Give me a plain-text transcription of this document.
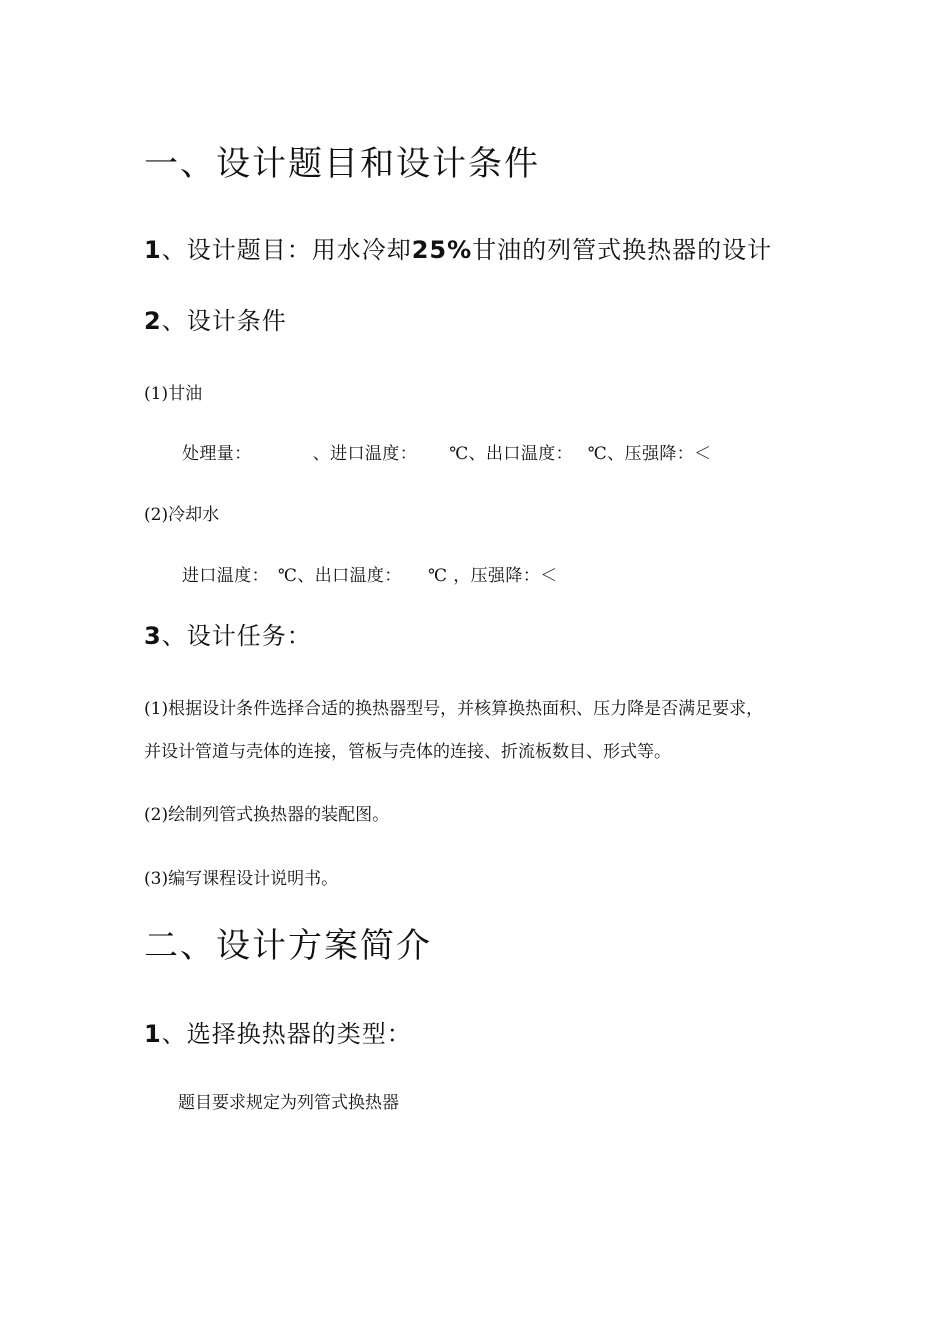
一、设计题目和设计条件
1、设计题目：用水冷却25%甘油的列管式换热器的设计
2、设计条件
(1)甘油
处理量：　　　　、进口温度：　 　℃、出口温度：　 ℃、压强降：＜
(2)冷却水
进口温度：　℃、出口温度：　　℃ ，压强降：＜
3、设计任务：
(1)根据设计条件选择合适的换热器型号，并核算换热面积、压力降是否满足要求，
并设计管道与壳体的连接，管板与壳体的连接、折流板数目、形式等。
(2)绘制列管式换热器的装配图。
(3)编写课程设计说明书。
二、设计方案简介
1、选择换热器的类型：
题目要求规定为列管式换热器
